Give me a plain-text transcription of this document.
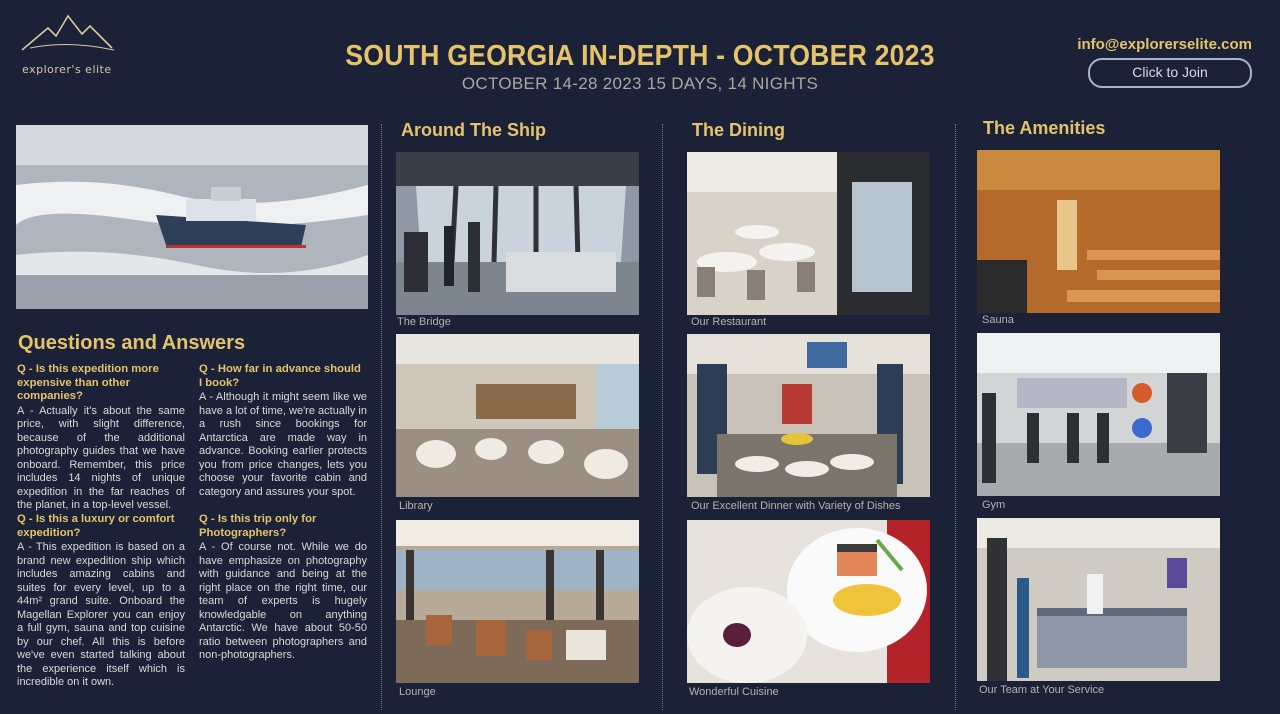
explorer's elite	SOUTH GEORGIA IN-DEPTH - OCTOBER 2023
OCTOBER 14-28 2023 15 DAYS, 14 NIGHTS
info@explorerselite.com
Click to Join
Questions and Answers
Q - Is this expedition more expensive than other companies?
A - Actually it's about the same price, with slight difference, because of the additional photography guides that we have onboard. Remember, this price includes 14 nights of unique expedition in the far reaches of the planet, in a top-level vessel.
Q - Is this a luxury or comfort expedition?
A - This expedition is based on a brand new expedition ship which includes amazing cabins and suites for every level, up to a 44m² grand suite. Onboard the Magellan Explorer you can enjoy a full gym, sauna and top cuisine by our chef. All this is before we've even started talking about the experience itself which is incredible on it own.
Q - How far in advance should I book?
A - Although it might seem like we have a lot of time, we're actually in a rush since bookings for Antarctica are made way in advance. Booking earlier protects you from price changes, lets you choose your favorite cabin and category and assures your spot.
Q - Is this trip only for Photographers?
A - Of course not. While we do have emphasize on photography with guidance and being at the right place on the right time, our team of experts is hugely knowledgable on anything Antarctic. We have about 50-50 ratio between photographers and non-photographers.
Around The Ship
The Bridge
Library
Lounge
The Dining
Our Restaurant
Our Excellent Dinner with Variety of Dishes
Wonderful Cuisine
The Amenities
Sauna
Gym
Our Team at Your Service
